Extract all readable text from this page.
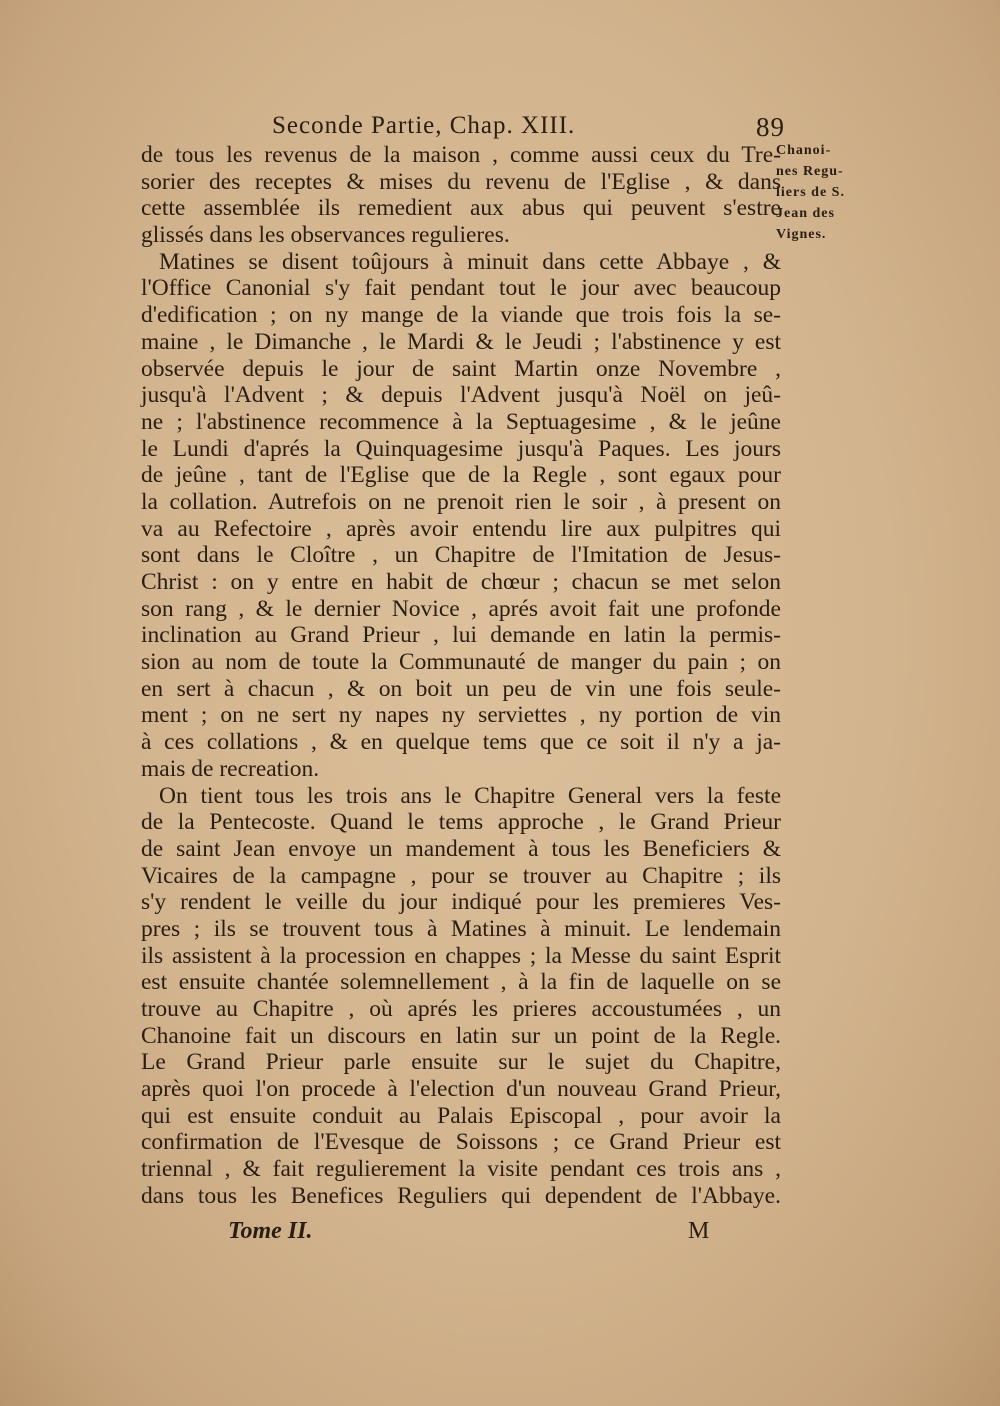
Seconde Partie, Chap. XIII.	89
Chanoi-
nes Regu-
liers de S.
Jean des
Vignes.
de tous les revenus de la maison , comme aussi ceux du Tre-
sorier des receptes & mises du revenu de l'Eglise , & dans
cette assemblée ils remedient aux abus qui peuvent s'estre
glissés dans les observances regulieres.
Matines se disent toûjours à minuit dans cette Abbaye , &
l'Office Canonial s'y fait pendant tout le jour avec beaucoup
d'edification ; on ny mange de la viande que trois fois la se-
maine , le Dimanche , le Mardi & le Jeudi ; l'abstinence y est
observée depuis le jour de saint Martin onze Novembre ,
jusqu'à l'Advent ; & depuis l'Advent jusqu'à Noël on jeû-
ne ; l'abstinence recommence à la Septuagesime , & le jeûne
le Lundi d'aprés la Quinquagesime jusqu'à Paques. Les jours
de jeûne , tant de l'Eglise que de la Regle , sont egaux pour
la collation. Autrefois on ne prenoit rien le soir , à present on
va au Refectoire , après avoir entendu lire aux pulpitres qui
sont dans le Cloître , un Chapitre de l'Imitation de Jesus-
Christ : on y entre en habit de chœur ; chacun se met selon
son rang , & le dernier Novice , aprés avoit fait une profonde
inclination au Grand Prieur , lui demande en latin la permis-
sion au nom de toute la Communauté de manger du pain ; on
en sert à chacun , & on boit un peu de vin une fois seule-
ment ; on ne sert ny napes ny serviettes , ny portion de vin
à ces collations , & en quelque tems que ce soit il n'y a ja-
mais de recreation.
On tient tous les trois ans le Chapitre General vers la feste
de la Pentecoste. Quand le tems approche , le Grand Prieur
de saint Jean envoye un mandement à tous les Beneficiers &
Vicaires de la campagne , pour se trouver au Chapitre ; ils
s'y rendent le veille du jour indiqué pour les premieres Ves-
pres ; ils se trouvent tous à Matines à minuit. Le lendemain
ils assistent à la procession en chappes ; la Messe du saint Esprit
est ensuite chantée solemnellement , à la fin de laquelle on se
trouve au Chapitre , où aprés les prieres accoustumées , un
Chanoine fait un discours en latin sur un point de la Regle.
Le Grand Prieur parle ensuite sur le sujet du Chapitre,
après quoi l'on procede à l'election d'un nouveau Grand Prieur,
qui est ensuite conduit au Palais Episcopal , pour avoir la
confirmation de l'Evesque de Soissons ; ce Grand Prieur est
triennal , & fait regulierement la visite pendant ces trois ans ,
dans tous les Benefices Reguliers qui dependent de l'Abbaye.
Tome II.	M
